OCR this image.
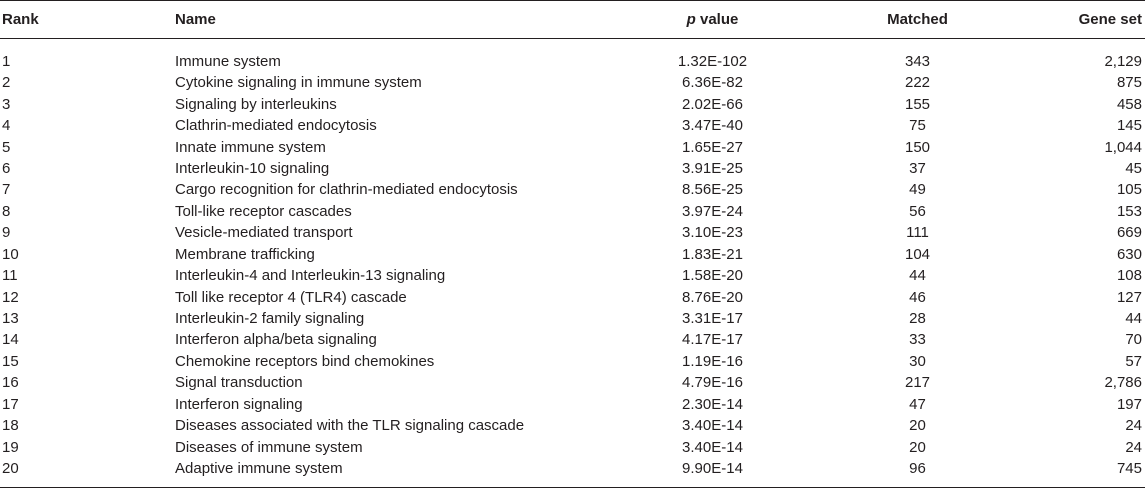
Rank	Name	p value	Matched	Gene set
1	Immune system	1.32E-102	343	2,129
2	Cytokine signaling in immune system	6.36E-82	222	875
3	Signaling by interleukins	2.02E-66	155	458
4	Clathrin-mediated endocytosis	3.47E-40	75	145
5	Innate immune system	1.65E-27	150	1,044
6	Interleukin-10 signaling	3.91E-25	37	45
7	Cargo recognition for clathrin-mediated endocytosis	8.56E-25	49	105
8	Toll-like receptor cascades	3.97E-24	56	153
9	Vesicle-mediated transport	3.10E-23	111	669
10	Membrane trafficking	1.83E-21	104	630
11	Interleukin-4 and Interleukin-13 signaling	1.58E-20	44	108
12	Toll like receptor 4 (TLR4) cascade	8.76E-20	46	127
13	Interleukin-2 family signaling	3.31E-17	28	44
14	Interferon alpha/beta signaling	4.17E-17	33	70
15	Chemokine receptors bind chemokines	1.19E-16	30	57
16	Signal transduction	4.79E-16	217	2,786
17	Interferon signaling	2.30E-14	47	197
18	Diseases associated with the TLR signaling cascade	3.40E-14	20	24
19	Diseases of immune system	3.40E-14	20	24
20	Adaptive immune system	9.90E-14	96	745
